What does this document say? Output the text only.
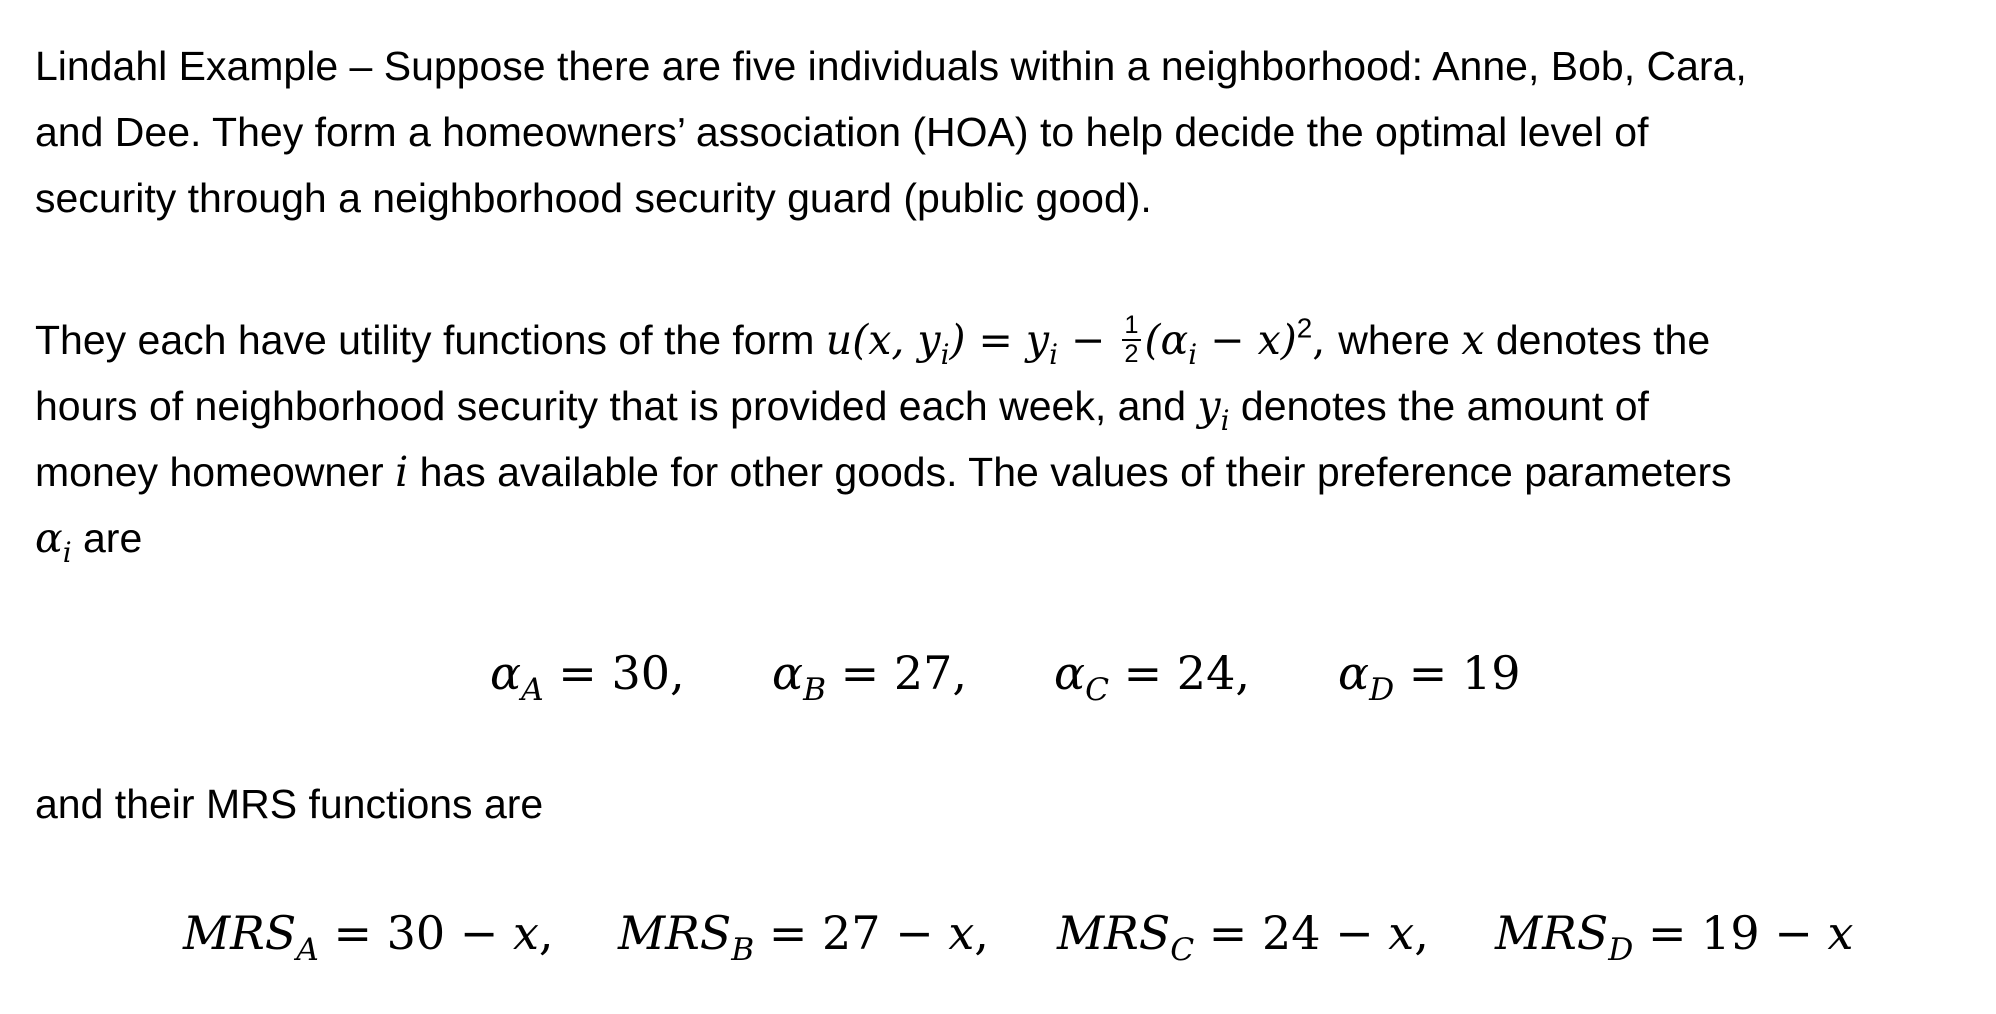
Lindahl Example – Suppose there are five individuals within a neighborhood: Anne, Bob, Cara,
and Dee. They form a homeowners’ association (HOA) to help decide the optimal level of
security through a neighborhood security guard (public good).
They each have utility functions of the form u(x, $y_i) = y_i - \frac{1}{2} (\alpha_i - x)^2$, where x denotes the
hours of neighborhood security that is provided each week, and $y_i$ denotes the amount of
money homeowner i has available for other goods. The values of their preference parameters
$\alpha_i$ are
$\alpha_A = 30$, $\alpha_B = 27$, $\alpha_C = 24$, $\alpha_D = 19$
and their MRS functions are
$MRS_A = 30 - x$, $MRS_B = 27 - x$, $MRS_C = 24 - x$, $MRS_D = 19 - x$
